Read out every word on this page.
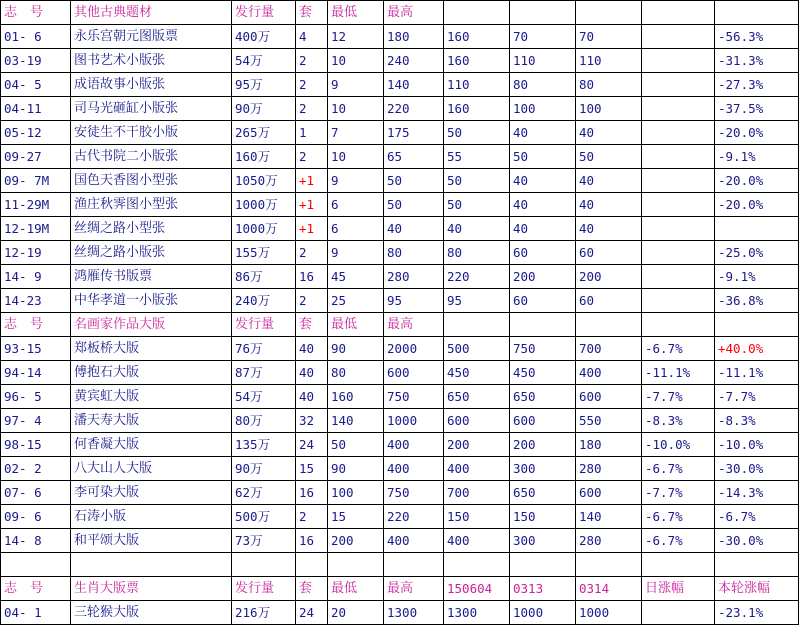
志　号	其他古典题材	发行量	套	最低	最高					
01- 6	永乐宫朝元图版票	400万	4	12	180	160	70	70		-56.3%
03-19	图书艺术小版张	54万	2	10	240	160	110	110		-31.3%
04- 5	成语故事小版张	95万	2	9	140	110	80	80		-27.3%
04-11	司马光砸缸小版张	90万	2	10	220	160	100	100		-37.5%
05-12	安徒生不干胶小版	265万	1	7	175	50	40	40		-20.0%
09-27	古代书院二小版张	160万	2	10	65	55	50	50		-9.1%
09- 7M	国色天香图小型张	1050万	+1	9	50	50	40	40		-20.0%
11-29M	渔庄秋霁图小型张	1000万	+1	6	50	50	40	40		-20.0%
12-19M	丝绸之路小型张	1000万	+1	6	40	40	40	40		
12-19	丝绸之路小版张	155万	2	9	80	80	60	60		-25.0%
14- 9	鸿雁传书版票	86万	16	45	280	220	200	200		-9.1%
14-23	中华孝道一小版张	240万	2	25	95	95	60	60		-36.8%
志　号	名画家作品大版	发行量	套	最低	最高					
93-15	郑板桥大版	76万	40	90	2000	500	750	700	-6.7%	+40.0%
94-14	傅抱石大版	87万	40	80	600	450	450	400	-11.1%	-11.1%
96- 5	黄宾虹大版	54万	40	160	750	650	650	600	-7.7%	-7.7%
97- 4	潘天寿大版	80万	32	140	1000	600	600	550	-8.3%	-8.3%
98-15	何香凝大版	135万	24	50	400	200	200	180	-10.0%	-10.0%
02- 2	八大山人大版	90万	15	90	400	400	300	280	-6.7%	-30.0%
07- 6	李可染大版	62万	16	100	750	700	650	600	-7.7%	-14.3%
09- 6	石涛小版	500万	2	15	220	150	150	140	-6.7%	-6.7%
14- 8	和平颂大版	73万	16	200	400	400	300	280	-6.7%	-30.0%

志　号	生肖大版票	发行量	套	最低	最高	150604	0313	0314	日涨幅	本轮涨幅
04- 1	三轮猴大版	216万	24	20	1300	1300	1000	1000		-23.1%
